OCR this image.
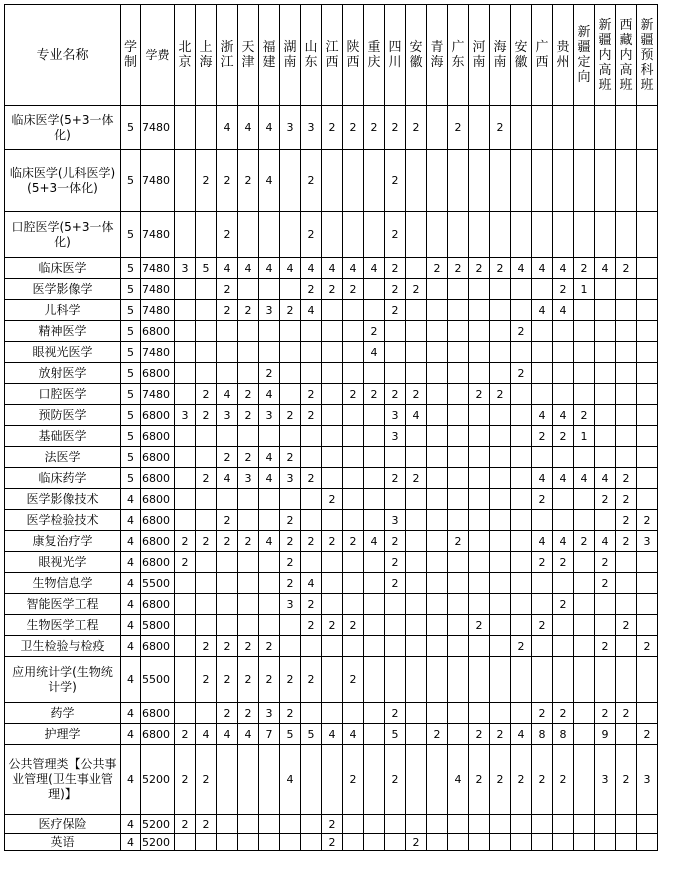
专业名称	学制	学费	北京	上海	浙江	天津	福建	湖南	山东	江西	陕西	重庆	四川	安徽	青海	广东	河南	海南	安徽	广西	贵州	新疆定向	新疆内高班	西藏内高班	新疆预科班
临床医学(5+3一体化)	5	7480			4	4	4	3	3	2	2	2	2	2		2		2							
临床医学(儿科医学)(5+3一体化)	5	7480		2	2	2	4		2				2												
口腔医学(5+3一体化)	5	7480			2				2				2												
临床医学	5	7480	3	5	4	4	4	4	4	4	4	4	2		2	2	2	2	4	4	4	2	4	2	
医学影像学	5	7480			2				2	2	2		2	2							2	1			
儿科学	5	7480			2	2	3	2	4				2							4	4				
精神医学	5	6800										2							2						
眼视光医学	5	7480										4													
放射医学	5	6800					2												2						
口腔医学	5	7480		2	4	2	4		2		2	2	2	2			2	2							
预防医学	5	6800	3	2	3	2	3	2	2				3	4						4	4	2			
基础医学	5	6800											3							2	2	1			
法医学	5	6800			2	2	4	2																	
临床药学	5	6800		2	4	3	4	3	2				2	2						4	4	4	4	2	
医学影像技术	4	6800								2										2			2	2	
医学检验技术	4	6800			2			2					3											2	2
康复治疗学	4	6800	2	2	2	2	4	2	2	2	2	4	2			2				4	4	2	4	2	3
眼视光学	4	6800	2					2					2							2	2		2		
生物信息学	4	5500						2	4				2										2		
智能医学工程	4	6800						3	2												2				
生物医学工程	4	5800							2	2	2						2			2				2	
卫生检验与检疫	4	6800		2	2	2	2												2				2		2
应用统计学(生物统计学)	4	5500		2	2	2	2	2	2		2														
药学	4	6800			2	2	3	2					2							2	2		2	2	
护理学	4	6800	2	4	4	4	7	5	5	4	4		5		2		2	2	4	8	8		9		2
公共管理类【公共事业管理(卫生事业管理)】	4	5200	2	2				4			2		2			4	2	2	2	2	2		3	2	3
医疗保险	4	5200	2	2						2															
英语	4	5200								2				2											
